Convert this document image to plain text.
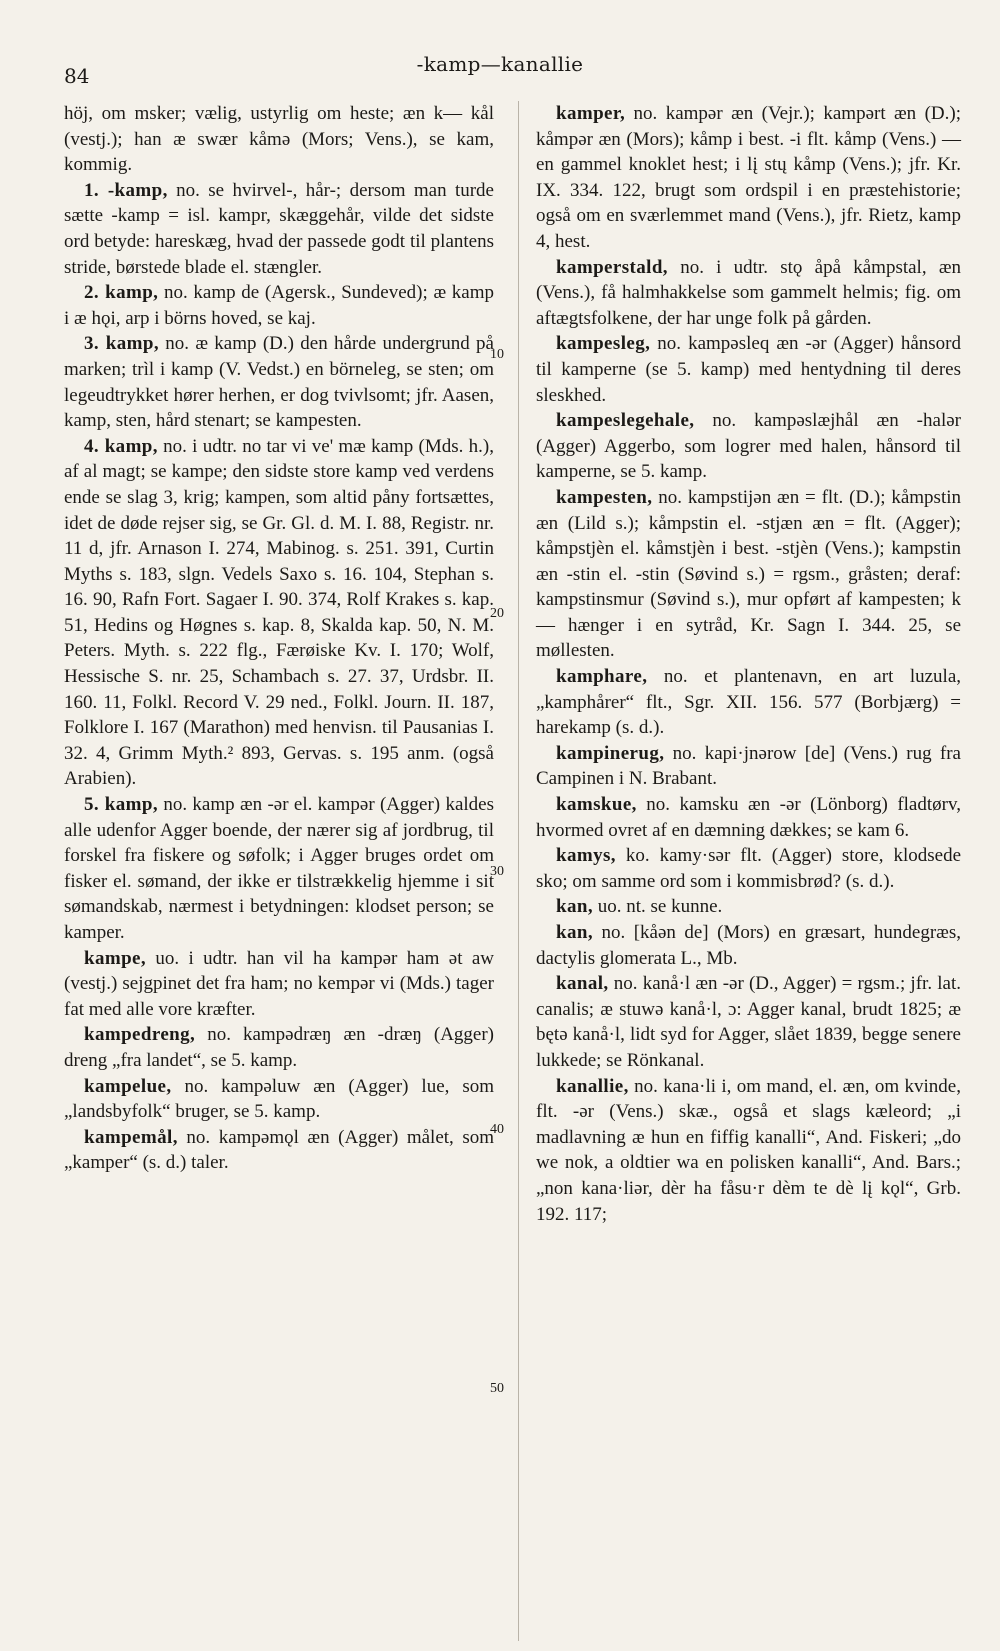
84	-kamp—kanallie

höj, om msker; vælig, ustyrlig om heste; æn k— kål (vestj.); han æ swær kåmə (Mors; Vens.), se kam, kommig.

1. -kamp, no. se hvirvel-, hår-; dersom man turde sætte -kamp = isl. kampr, skæggehår, vilde det sidste ord betyde: hareskæg, hvad der passede godt til plantens stride, børstede blade el. stængler.

2. kamp, no. kamp de (Agersk., Sundeved); æ kamp i æ hǫi, arp i börns hoved, se kaj.

3. kamp, no. æ kamp (D.) den hårde undergrund på marken; trìl i kamp (V. Vedst.) en börneleg, se sten; om legeudtrykket hører herhen, er dog tvivlsomt; jfr. Aasen, kamp, sten, hård stenart; se kampesten.

4. kamp, no. i udtr. no tar vi ve' mæ kamp (Mds. h.), af al magt; se kampe; den sidste store kamp ved verdens ende se slag 3, krig; kampen, som altid påny fortsættes, idet de døde rejser sig, se Gr. Gl. d. M. I. 88, Registr. nr. 11 d, jfr. Arnason I. 274, Mabinog. s. 251. 391, Curtin Myths s. 183, slgn. Vedels Saxo s. 16. 104, Stephan s. 16. 90, Rafn Fort. Sagaer I. 90. 374, Rolf Krakes s. kap. 51, Hedins og Høgnes s. kap. 8, Skalda kap. 50, N. M. Peters. Myth. s. 222 flg., Færøiske Kv. I. 170; Wolf, Hessische S. nr. 25, Schambach s. 27. 37, Urdsbr. II. 160. 11, Folkl. Record V. 29 ned., Folkl. Journ. II. 187, Folklore I. 167 (Marathon) med henvisn. til Pausanias I. 32. 4, Grimm Myth.² 893, Gervas. s. 195 anm. (også Arabien).

5. kamp, no. kamp æn -ər el. kampər (Agger) kaldes alle udenfor Agger boende, der nærer sig af jordbrug, til forskel fra fiskere og søfolk; i Agger bruges ordet om fisker el. sømand, der ikke er tilstrækkelig hjemme i sit sømandskab, nærmest i betydningen: klodset person; se kamper.

kampe, uo. i udtr. han vil ha kampər ham ət aw (vestj.) sejgpinet det fra ham; no kempər vi (Mds.) tager fat med alle vore kræfter.

kampedreng, no. kampədræŋ æn -dræŋ (Agger) dreng „fra landet“, se 5. kamp.

kampelue, no. kampəluw æn (Agger) lue, som „landsbyfolk“ bruger, se 5. kamp.

kampemål, no. kampəmǫl æn (Agger) målet, som „kamper“ (s. d.) taler.

kamper, no. kampər æn (Vejr.); kampərt æn (D.); kåmpər æn (Mors); kåmp i best. -i flt. kåmp (Vens.) — en gammel knoklet hest; i lį stų kåmp (Vens.); jfr. Kr. IX. 334. 122, brugt som ordspil i en præstehistorie; også om en sværlemmet mand (Vens.), jfr. Rietz, kamp 4, hest.

kamperstald, no. i udtr. stǫ åpå kåmpstal, æn (Vens.), få halmhakkelse som gammelt helmis; fig. om aftægtsfolkene, der har unge folk på gården.

kampesleg, no. kampəsleq æn -ər (Agger) hånsord til kamperne (se 5. kamp) med hentydning til deres sleskhed.

kampeslegehale, no. kampəslæjhål æn -halər (Agger) Aggerbo, som logrer med halen, hånsord til kamperne, se 5. kamp.

kampesten, no. kampstijən æn = flt. (D.); kåmpstin æn (Lild s.); kåmpstin el. -stjæn æn = flt. (Agger); kåmpstjèn el. kåmstjèn i best. -stjèn (Vens.); kampstin æn -stin el. -stin (Søvind s.) = rgsm., gråsten; deraf: kampstinsmur (Søvind s.), mur opført af kampesten; k— hænger i en sytråd, Kr. Sagn I. 344. 25, se møllesten.

kamphare, no. et plantenavn, en art luzula, „kamphårer“ flt., Sgr. XII. 156. 577 (Borbjærg) = harekamp (s. d.).

kampinerug, no. kapi·jnərow [de] (Vens.) rug fra Campinen i N. Brabant.

kamskue, no. kamsku æn -ər (Lönborg) fladtørv, hvormed ovret af en dæmning dækkes; se kam 6.

kamys, ko. kamy·sər flt. (Agger) store, klodsede sko; om samme ord som i kommisbrød? (s. d.).

kan, uo. nt. se kunne.

kan, no. [kåən de] (Mors) en græsart, hundegræs, dactylis glomerata L., Mb.

kanal, no. kanå·l æn -ər (D., Agger) = rgsm.; jfr. lat. canalis; æ stuwə kanå·l, ɔ: Agger kanal, brudt 1825; æ bętə kanå·l, lidt syd for Agger, slået 1839, begge senere lukkede; se Rönkanal.

kanallie, no. kana·li i, om mand, el. æn, om kvinde, flt. -ər (Vens.) skæ., også et slags kæleord; „i madlavning æ hun en fiffig kanalli“, And. Fiskeri; „do we nok, a oldtier wa en polisken kanalli“, And. Bars.; „non kana·liər, dèr ha fåsu·r dèm te dè lį kǫl“, Grb. 192. 117;

10
20
30
40
50
